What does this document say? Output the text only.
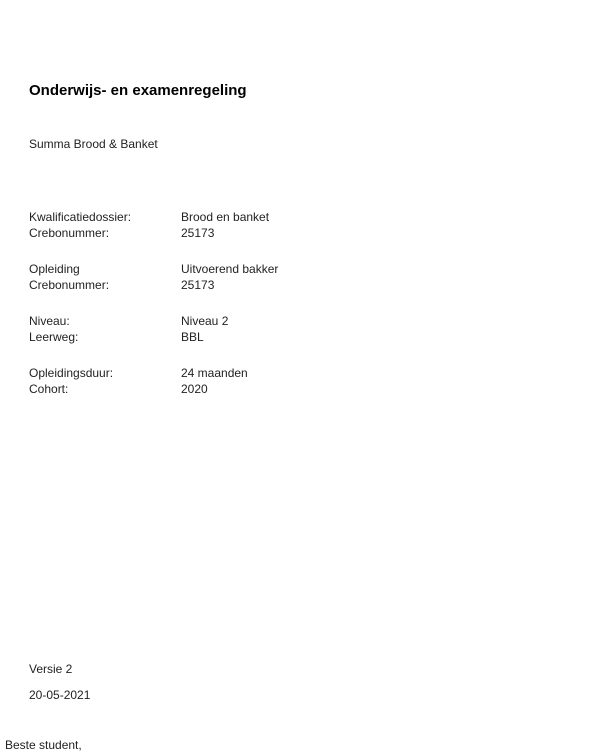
Onderwijs- en examenregeling
Summa Brood & Banket
Kwalificatiedossier:	Brood en banket
Crebonummer:	25173
Opleiding	Uitvoerend bakker
Crebonummer:	25173
Niveau:	Niveau 2
Leerweg:	BBL
Opleidingsduur:	24 maanden
Cohort:	2020
Versie 2
20-05-2021
Beste student,
